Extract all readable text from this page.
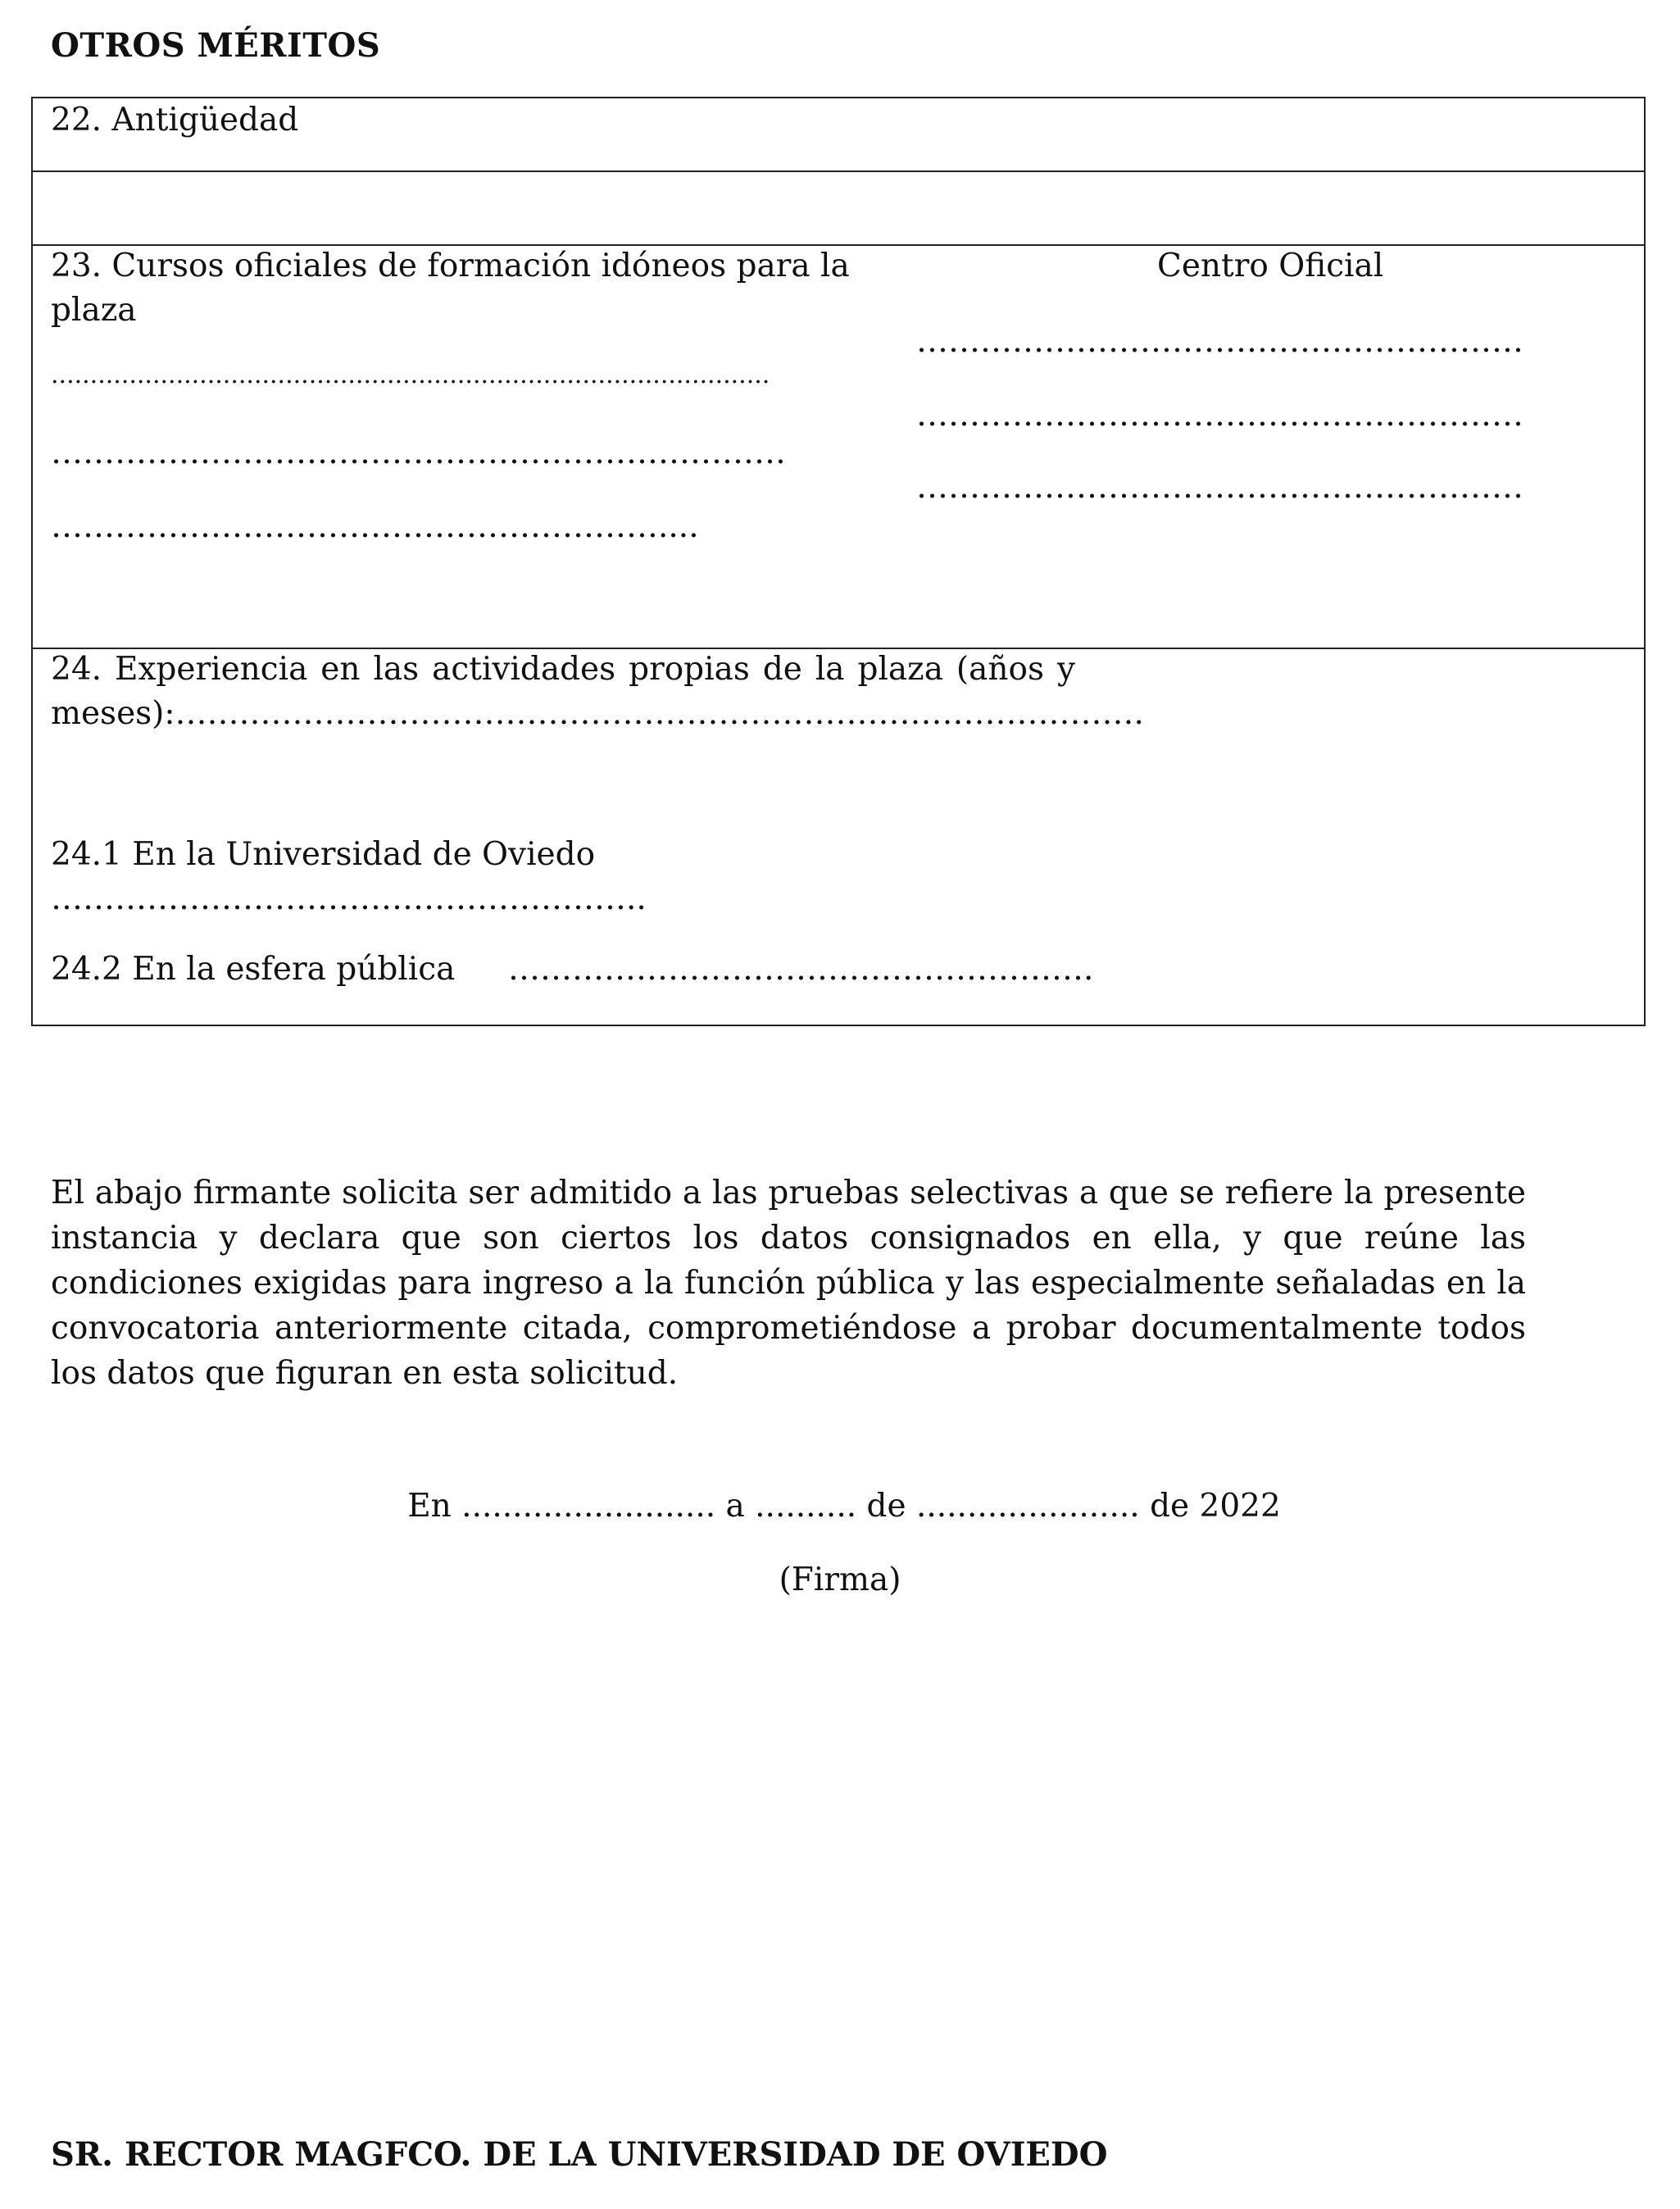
OTROS MÉRITOS
22. Antigüedad
23. Cursos oficiales de formación idóneos para la
plaza
............................................................................................
……………………………………………………………
…………………………………………………....
Centro Oficial
…………………………………………………
…………………………………………………
…………………………………………………
24. Experiencia en las actividades propias de la plaza (años y
meses):……………………………………………………………………………….
24.1 En la Universidad de Oviedo
………………………………………………..
24.2 En la esfera pública ……………………………………………….
El abajo firmante solicita ser admitido a las pruebas selectivas a que se refiere la presente instancia y declara que son ciertos los datos consignados en ella, y que reúne las condiciones exigidas para ingreso a la función pública y las especialmente señaladas en la convocatoria anteriormente citada, comprometiéndose a probar documentalmente todos los datos que figuran en esta solicitud.
En ......................... a .......... de ...................... de 2022
(Firma)
SR. RECTOR MAGFCO. DE LA UNIVERSIDAD DE OVIEDO
